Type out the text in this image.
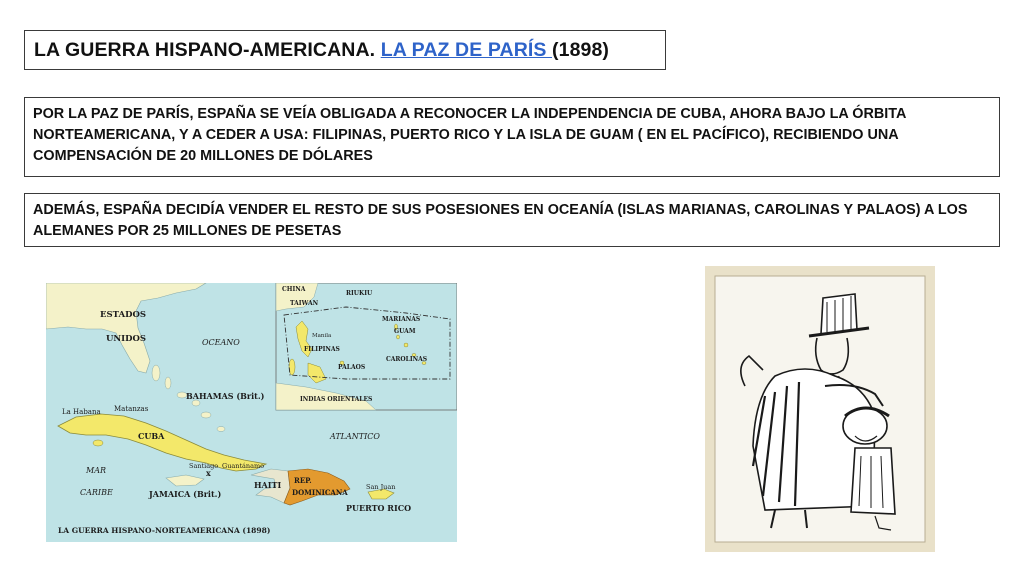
LA GUERRA HISPANO-AMERICANA. LA PAZ DE PARÍS (1898)
POR LA PAZ DE PARÍS, ESPAÑA SE VEÍA OBLIGADA A RECONOCER LA INDEPENDENCIA DE CUBA, AHORA BAJO LA ÓRBITA NORTEAMERICANA, Y A CEDER A USA: FILIPINAS, PUERTO RICO Y LA ISLA DE GUAM ( EN EL PACÍFICO), RECIBIENDO UNA COMPENSACIÓN DE 20 MILLONES DE DÓLARES
ADEMÁS, ESPAÑA DECIDÍA VENDER EL RESTO DE SUS POSESIONES EN OCEANÍA (ISLAS MARIANAS, CAROLINAS Y PALAOS) A LOS ALEMANES POR 25 MILLONES DE PESETAS
ESTADOS
UNIDOS	OCEANO
BAHAMAS (Brit.)
La Habana Matanzas
CUBA	ATLANTICO
MAR
CARIBE
Santiago Guantánamo
x
HAITI REP.
DOMINICANA
San Juan
JAMAICA (Brit.)
PUERTO RICO
LA GUERRA HISPANO-NORTEAMERICANA (1898)
CHINA
RIUKIU
TAIWAN
Manila
FILIPINAS
MARIANAS
GUAM
CAROLINAS
PALAOS
INDIAS ORIENTALES
